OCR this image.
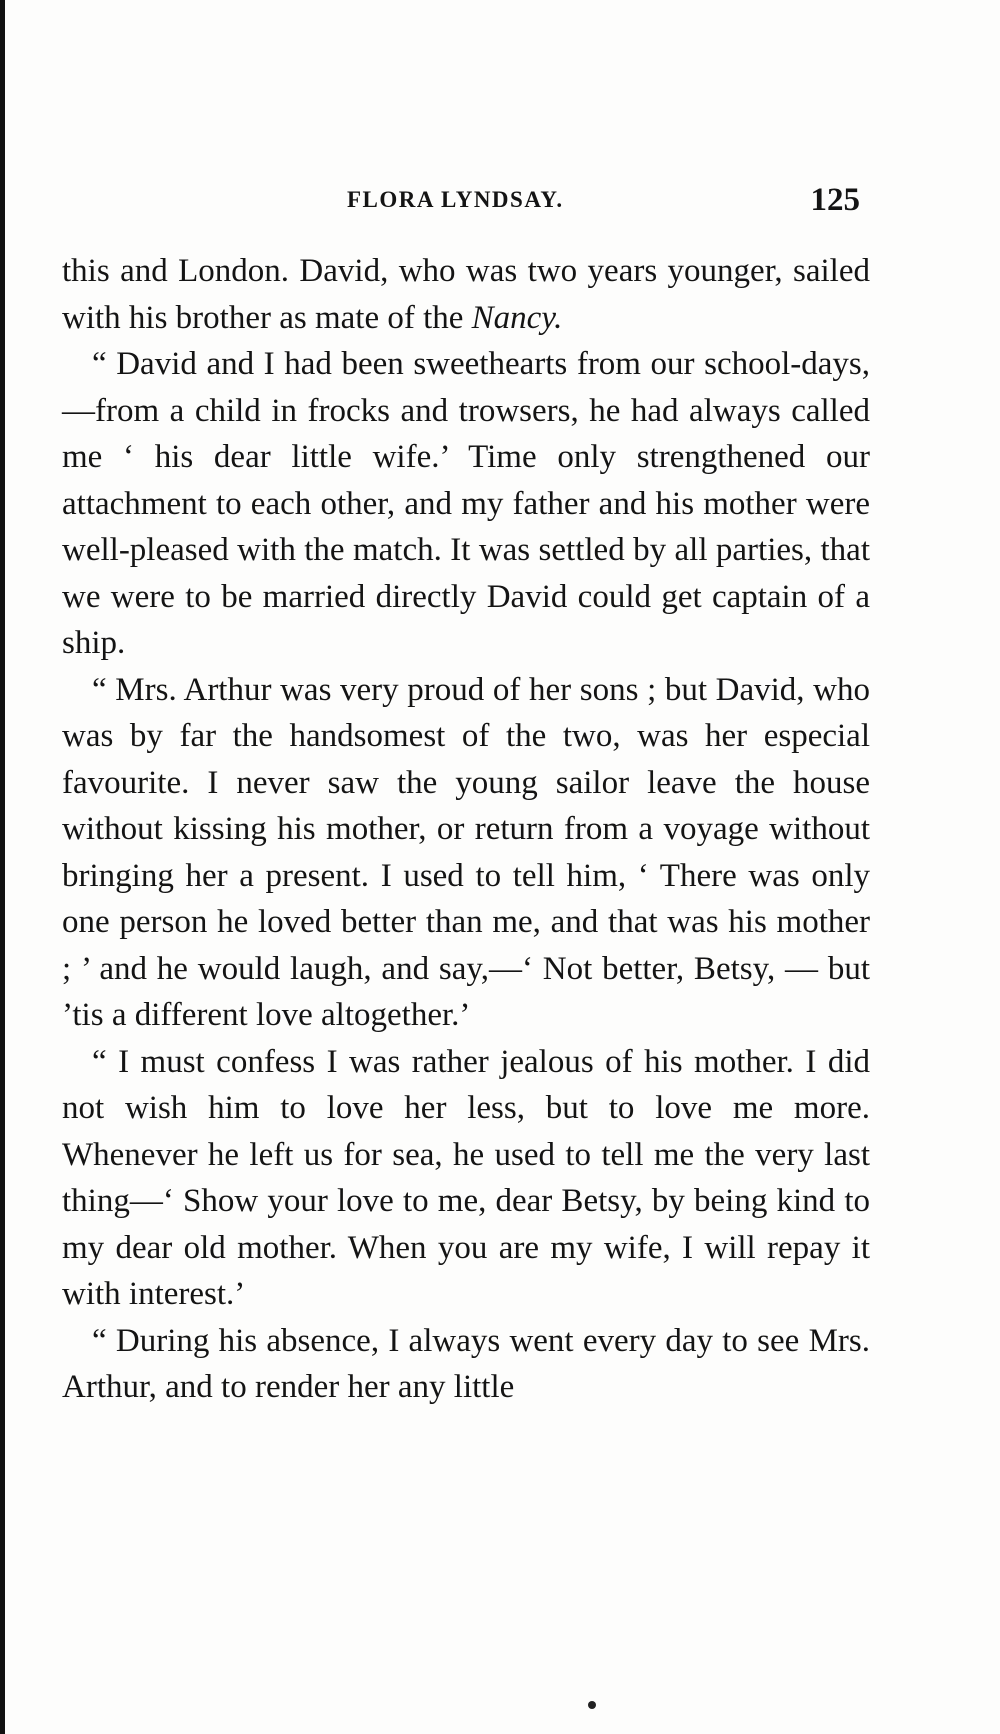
FLORA LYNDSAY.	125

this and London. David, who was two years younger, sailed with his brother as mate of the Nancy.

“ David and I had been sweethearts from our school-days,—from a child in frocks and trowsers, he had always called me ‘ his dear little wife.’ Time only strengthened our attachment to each other, and my father and his mother were well-pleased with the match. It was settled by all parties, that we were to be married directly David could get captain of a ship.

“ Mrs. Arthur was very proud of her sons ; but David, who was by far the handsomest of the two, was her especial favourite. I never saw the young sailor leave the house without kissing his mother, or return from a voyage without bringing her a present. I used to tell him, ‘ There was only one person he loved better than me, and that was his mother ; ’ and he would laugh, and say,—‘ Not better, Betsy, — but ’tis a different love altogether.’

“ I must confess I was rather jealous of his mother. I did not wish him to love her less, but to love me more. Whenever he left us for sea, he used to tell me the very last thing—‘ Show your love to me, dear Betsy, by being kind to my dear old mother. When you are my wife, I will repay it with interest.’

“ During his absence, I always went every day to see Mrs. Arthur, and to render her any little
